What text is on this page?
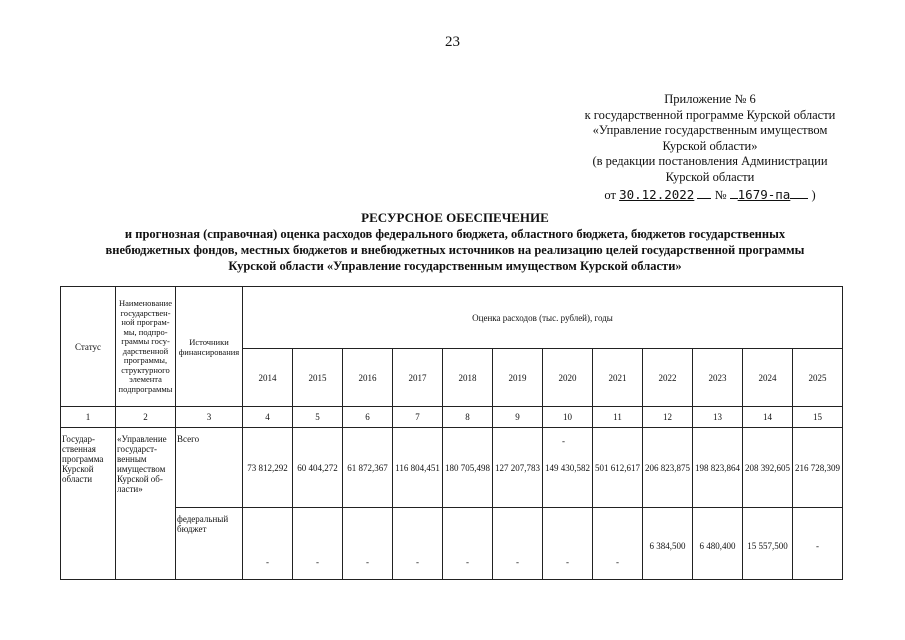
23
Приложение № 6
к государственной программе Курской области
«Управление государственным имуществом
Курской области»
(в редакции постановления Администрации
Курской области
от 30.12.2022 № 1679-па )
РЕСУРСНОЕ ОБЕСПЕЧЕНИЕ
и прогнозная (справочная) оценка расходов федерального бюджета, областного бюджета, бюджетов государственных
внебюджетных фондов, местных бюджетов и внебюджетных источников на реализацию целей государственной программы
Курской области «Управление государственным имуществом Курской области»
Статус	Наименование государствен-ной програм-мы, подпро-граммы госу-дарственной программы, структурного элемента подпрограммы	Источники финансирования	Оценка расходов (тыс. рублей), годы											
			2014	2015	2016	2017	2018	2019	2020	2021	2022	2023	2024	2025
1	2	3	4	5	6	7	8	9	10	11	12	13	14	15
Государ-ственная программа Курской области	«Управление государст-венным имуществом Курской об-ласти»	Всего	73 812,292	60 404,272	61 872,367	116 804,451	180 705,498	127 207,783	149 430,582	501 612,617	206 823,875	198 823,864	208 392,605	216 728,309
		федеральный бюджет	-	-	-	-	-	-	-	-	6 384,500	6 480,400	15 557,500	-
-
